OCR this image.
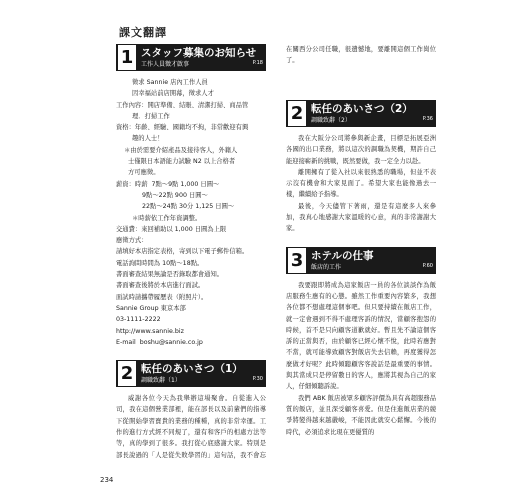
課文翻譯
1 スタッフ募集のお知らせ
工作人員徵才啟事	P.18

徵求 Sannie 店內工作人員

因幸福站前店開幕，徵求人才

工作內容：開店準備、結賬、清潔打掃、商品管

理．打掃工作

資格：年齡、經驗、國籍均不拘，非常歡迎有興

趣的人士！

＊由於需要介紹產品及接待客人，外籍人

士僅限日本語能力試驗 N2 以上合格者

方可應徵。

薪資：時薪  7點～9點 1,000 日圓～

9點～22點 900 日圓～

22點～24點 30分 1,125 日圓～

＊時薪依工作年資調整。

交通費：來回補助以 1,000 日圓為上限

應徵方式：

請填好本店指定表格，寄到以下電子郵件信箱。

電話詢問時間為 10點～18點。

書面審查結果無論是否錄取都會通知。

書面審查後將於本店進行面試。

面試時請攜帶履歷表（附照片）。

Sannie Group 東京本部

03-1111-2222

http://www.sannie.biz

E-mail  boshu@sannie.co.jp

2 転任のあいさつ（1）
調職致辭（1）	P.30

威謝各位今天為我舉辦這場聚會。自從進入公司，我在這個營業部裡，能在部長以及前輩們的指導下從開始學習寶貴的業務的種種，真的非常幸運。工作的進行方式經不同規了，還有和客戶的相處方法等等，真的學到了很多。我打從心底感謝大家。特別是部長說過的「人是從失敗學習的」這句話，我不會忘

在關西分公司任職，很遺憾地，要離開這個工作崗位了。

2 転任のあいさつ（2）
調職致辭（2）	P.36

我在大阪分公司將參與新企畫，目標是拓展亞洲各國的出口業務，將以這次的調職為契機，期許自己能迎接嶄新的挑戰，既然要做，我一定全力以赴。

離開擁有了從入社以來很熟悉的職場，但並不表示沒有機會和大家見面了。希望大家也能像過去一樣，繼續給予指導。

最後，今天儘管下著雨，還是有這麼多人來參加，我真心地感謝大家溫暖的心意，真的非常謝謝大家。

3 ホテルの仕事
飯店的工作	P.60

我要跟即將成為這家飯店一員的各位談談作為飯店服務生應有的心態。雖然工作重要內容繁多，我想各位都不想處理這個事吧。但只要持續在飯店工作，就一定會遇到不得不處理客訴的情況，當顧客抱怨的時候，首不是只向顧客道歉就好。暫且先不論這個客訴的正當與否，由於顧客已經心懷不悅，此時若應對不當，就可能導致顧客對飯店失去信賴，再度獲得怎麼做才好呢？此時傾聽顧客客說話是最重要的事情。與其當成只是停留數日的客人，應將其視為自己的家人，仔細傾聽訴說。

我們 ABK 飯店被眾多顧客評價為具有高超服務品質的飯店，並且深受顧客喜愛。但是住進飯店業的競爭將變得越來越嚴峻，不能因此就安心鬆懈。今後的時代，必須追求比現在更優質的

234
